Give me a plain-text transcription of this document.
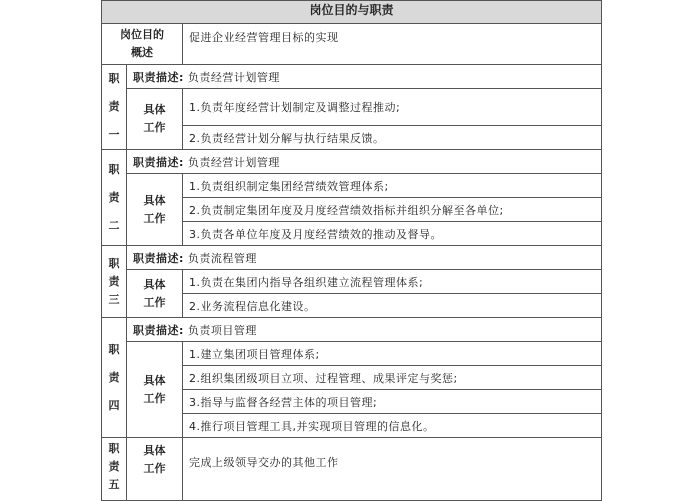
岗位目的与职责		
岗位目的概述		促进企业经营管理目标的实现
职责一	职责描述: 负责经营计划管理	
	具体工作	1.负责年度经营计划制定及调整过程推动;
		2.负责经营计划分解与执行结果反馈。
职责二	职责描述: 负责经营计划管理	
	具体工作	1.负责组织制定集团经营绩效管理体系;
		2.负责制定集团年度及月度经营绩效指标并组织分解至各单位;
		3.负责各单位年度及月度经营绩效的推动及督导。
职责三	职责描述: 负责流程管理	
	具体工作	1.负责在集团内指导各组织建立流程管理体系;
		2.业务流程信息化建设。
职责四	职责描述: 负责项目管理	
	具体工作	1.建立集团项目管理体系;
		2.组织集团级项目立项、过程管理、成果评定与奖惩;
		3.指导与监督各经营主体的项目管理;
		4.推行项目管理工具,并实现项目管理的信息化。
职责五	具体工作	完成上级领导交办的其他工作
